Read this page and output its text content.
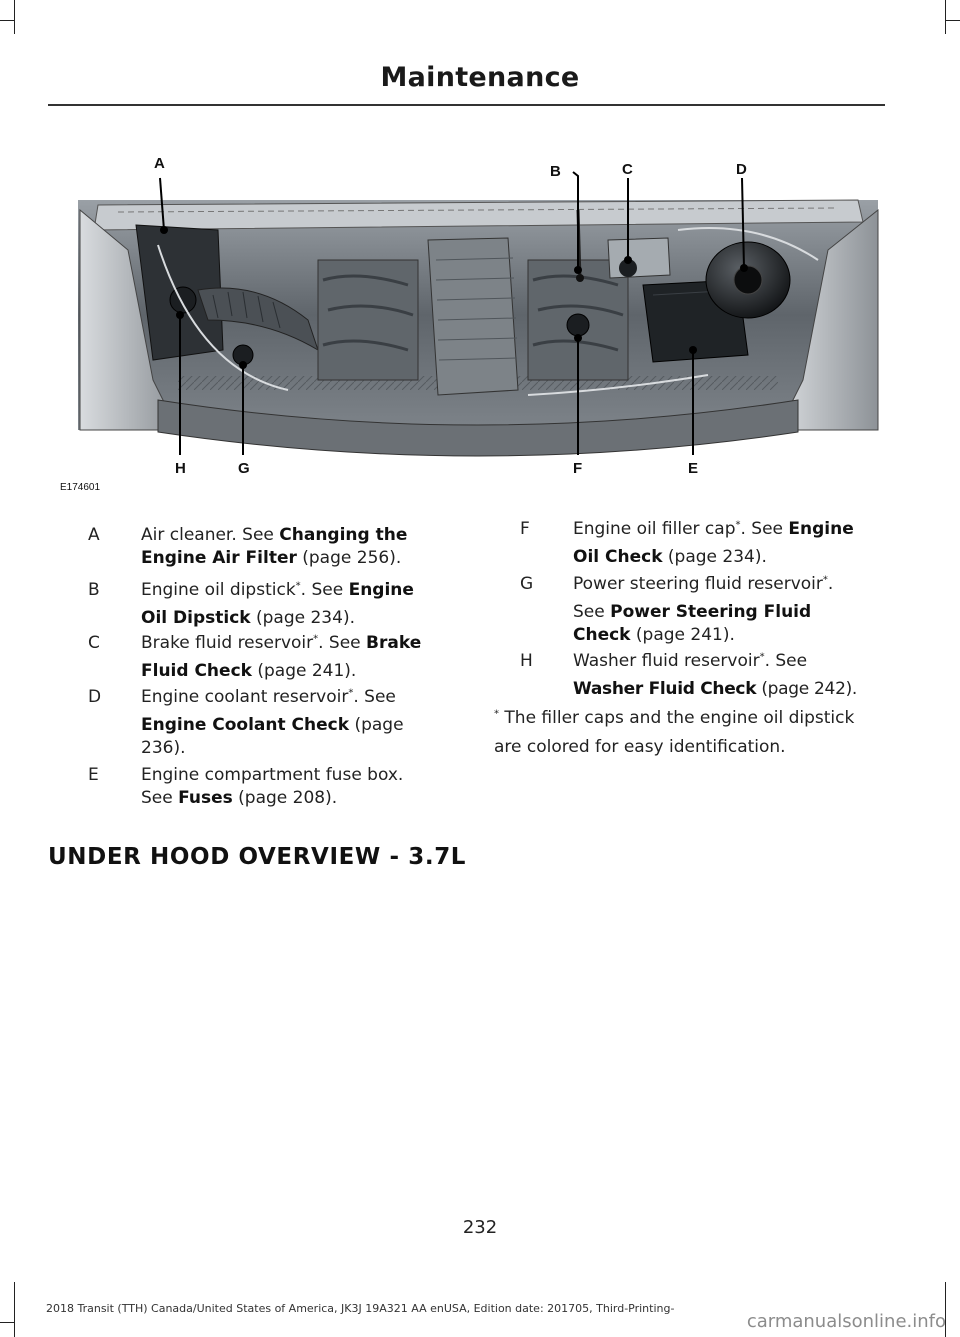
Maintenance
A	B	C	D
E
F
G
H
E174601
A	Air cleaner. See Changing the
Engine Air Filter (page 256).
B	Engine oil dipstick*. See Engine
Oil Dipstick (page 234).
C	Brake fluid reservoir*. See Brake
Fluid Check (page 241).
D	Engine coolant reservoir*. See
Engine Coolant Check (page
236).
E	Engine compartment fuse box.
See Fuses (page 208).
F	Engine oil filler cap*. See Engine
Oil Check (page 234).
G	Power steering fluid reservoir*.
See Power Steering Fluid
Check (page 241).
H	Washer fluid reservoir*. See
Washer Fluid Check (page 242).
* The filler caps and the engine oil dipstick are colored for easy identification.
UNDER HOOD OVERVIEW - 3.7L
232
2018 Transit (TTH) Canada/United States of America, JK3J 19A321 AA enUSA, Edition date: 201705, Third-Printing-
carmanualsonline.info
